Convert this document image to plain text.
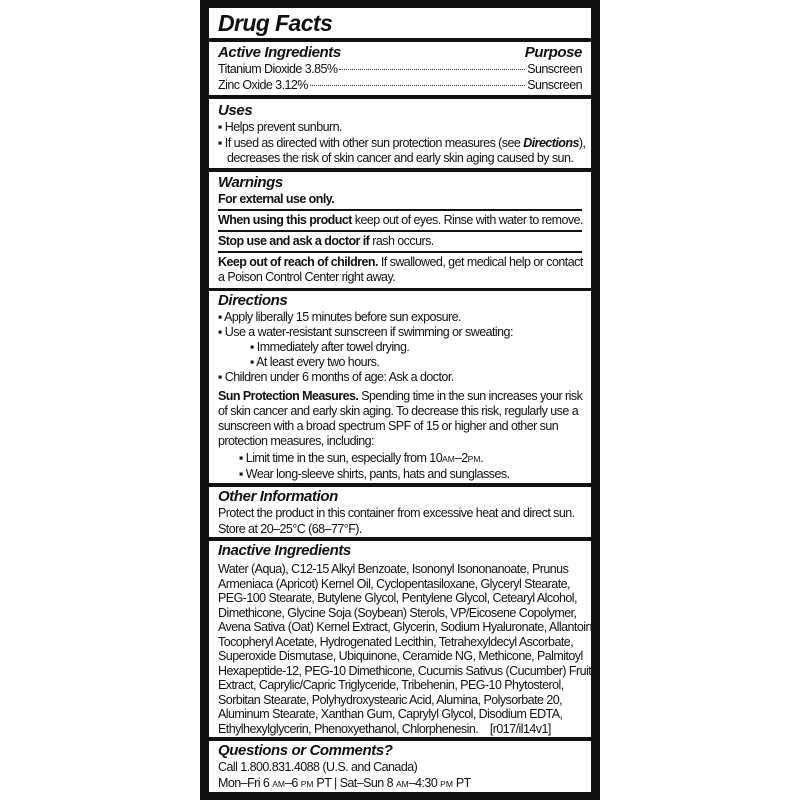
Drug Facts
Active Ingredients	Purpose
Titanium Dioxide 3.85%	Sunscreen
Zinc Oxide 3.12%	Sunscreen
Uses
▪ Helps prevent sunburn.
▪ If used as directed with other sun protection measures (see Directions),
decreases the risk of skin cancer and early skin aging caused by sun.
Warnings
For external use only.
When using this product keep out of eyes. Rinse with water to remove.
Stop use and ask a doctor if rash occurs.
Keep out of reach of children. If swallowed, get medical help or contact
a Poison Control Center right away.
Directions
▪ Apply liberally 15 minutes before sun exposure.
▪ Use a water-resistant sunscreen if swimming or sweating:
▪ Immediately after towel drying.
▪ At least every two hours.
▪ Children under 6 months of age: Ask a doctor.
Sun Protection Measures. Spending time in the sun increases your risk
of skin cancer and early skin aging. To decrease this risk, regularly use a
sunscreen with a broad spectrum SPF of 15 or higher and other sun
protection measures, including:
▪ Limit time in the sun, especially from 10AM–2PM.
▪ Wear long-sleeve shirts, pants, hats and sunglasses.
Other Information
Protect the product in this container from excessive heat and direct sun.
Store at 20–25°C (68–77°F).
Inactive Ingredients
Water (Aqua), C12-15 Alkyl Benzoate, Isononyl Isononanoate, Prunus
Armeniaca (Apricot) Kernel Oil, Cyclopentasiloxane, Glyceryl Stearate,
PEG-100 Stearate, Butylene Glycol, Pentylene Glycol, Cetearyl Alcohol,
Dimethicone, Glycine Soja (Soybean) Sterols, VP/Eicosene Copolymer,
Avena Sativa (Oat) Kernel Extract, Glycerin, Sodium Hyaluronate, Allantoin,
Tocopheryl Acetate, Hydrogenated Lecithin, Tetrahexyldecyl Ascorbate,
Superoxide Dismutase, Ubiquinone, Ceramide NG, Methicone, Palmitoyl
Hexapeptide-12, PEG-10 Dimethicone, Cucumis Sativus (Cucumber) Fruit
Extract, Caprylic/Capric Triglyceride, Tribehenin, PEG-10 Phytosterol,
Sorbitan Stearate, Polyhydroxystearic Acid, Alumina, Polysorbate 20,
Aluminum Stearate, Xanthan Gum, Caprylyl Glycol, Disodium EDTA,
Ethylhexylglycerin, Phenoxyethanol, Chlorphenesin.    [r017/il14v1]
Questions or Comments?
Call 1.800.831.4088 (U.S. and Canada)
Mon–Fri 6 AM–6 PM PT | Sat–Sun 8 AM–4:30 PM PT
